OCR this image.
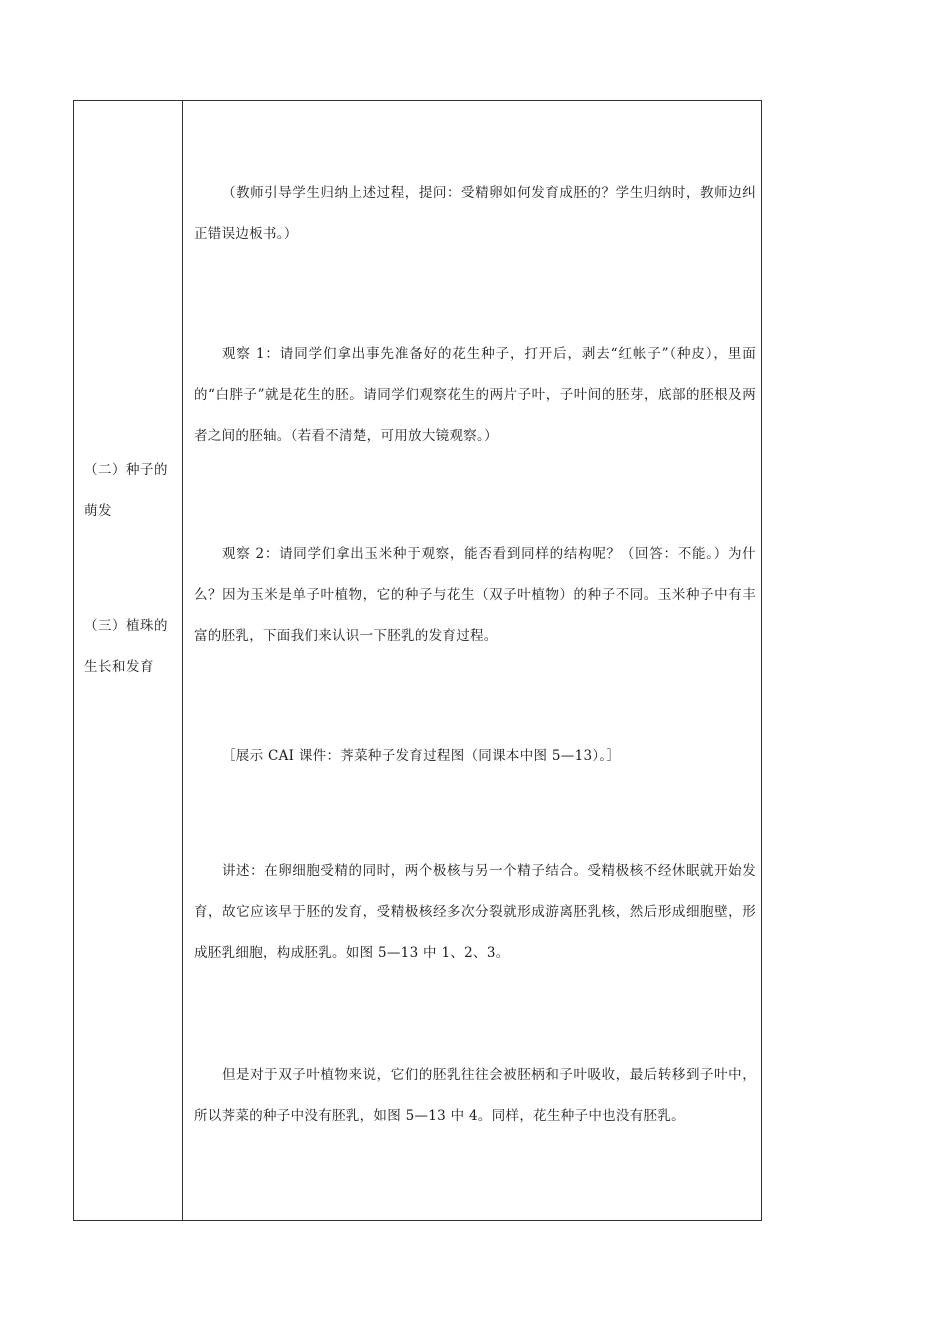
（二）种子的萌发
（三）植珠的生长和发育
（教师引导学生归纳上述过程，提问：受精卵如何发育成胚的？学生归纳时，教师边纠正错误边板书。）
观察 1：请同学们拿出事先准备好的花生种子，打开后，剥去“红帐子”（种皮），里面的“白胖子”就是花生的胚。请同学们观察花生的两片子叶，子叶间的胚芽，底部的胚根及两者之间的胚轴。（若看不清楚，可用放大镜观察。）
观察 2：请同学们拿出玉米种于观察，能否看到同样的结构呢？（回答：不能。）为什么？因为玉米是单子叶植物，它的种子与花生（双子叶植物）的种子不同。玉米种子中有丰富的胚乳，下面我们来认识一下胚乳的发育过程。
［展示 CAI 课件：荠菜种子发育过程图（同课本中图 5—13）。］
讲述：在卵细胞受精的同时，两个极核与另一个精子结合。受精极核不经休眠就开始发育，故它应该早于胚的发育，受精极核经多次分裂就形成游离胚乳核，然后形成细胞壁，形成胚乳细胞，构成胚乳。如图 5—13 中 1、2、3。
但是对于双子叶植物来说，它们的胚乳往往会被胚柄和子叶吸收，最后转移到子叶中，所以荠菜的种子中没有胚乳，如图 5—13 中 4。同样，花生种子中也没有胚乳。
